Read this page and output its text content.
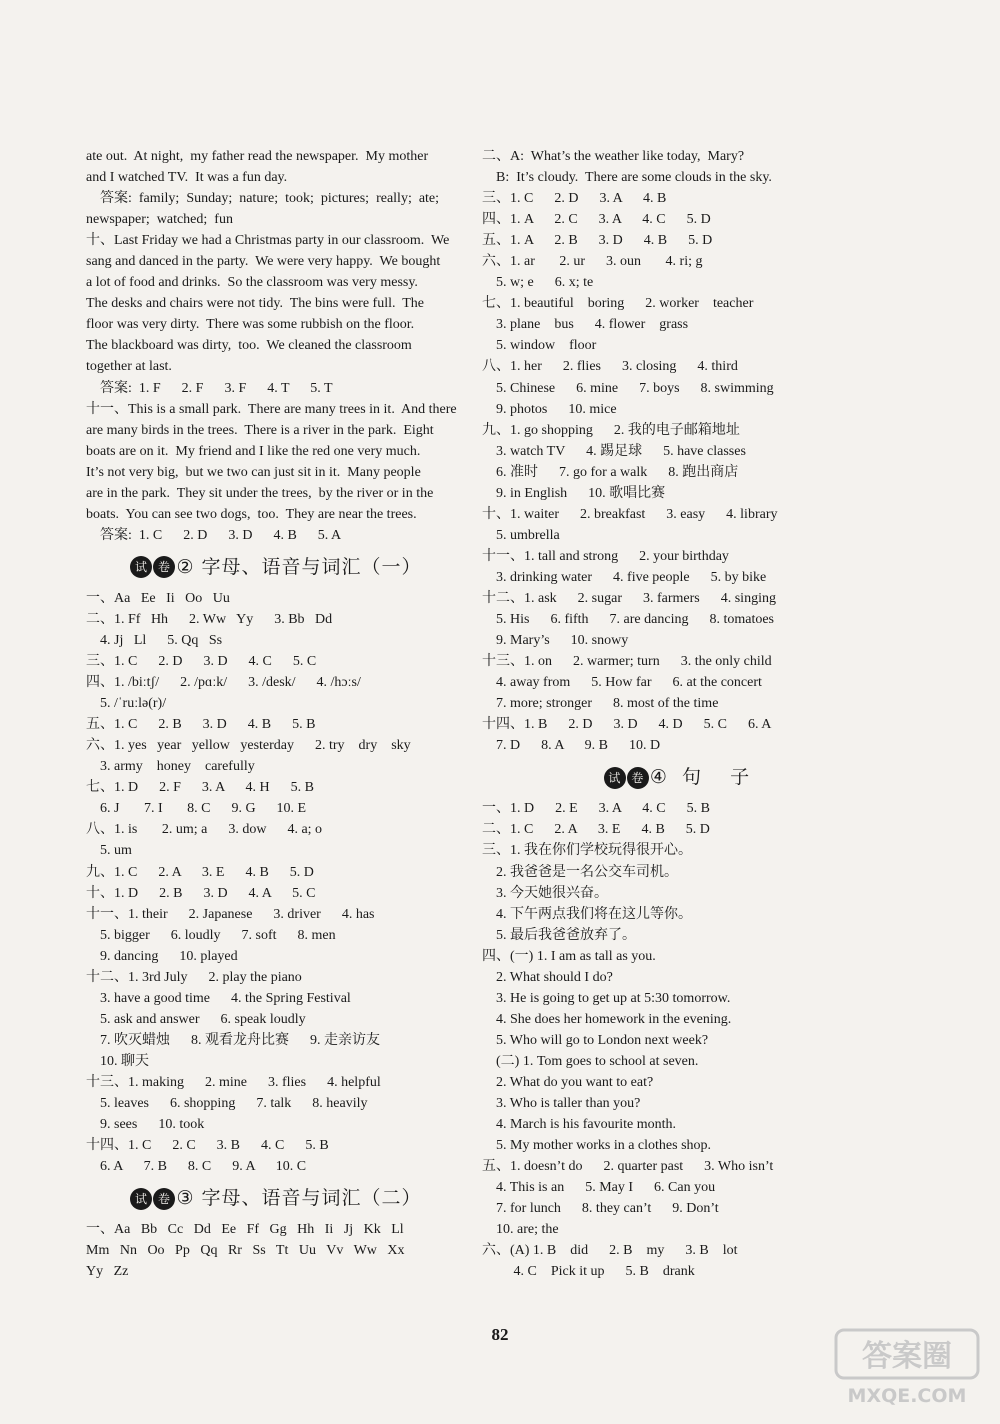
ate out.  At night,  my father read the newspaper.  My mother
and I watched TV.  It was a fun day.
答案:  family;  Sunday;  nature;  took;  pictures;  really;  ate;
newspaper;  watched;  fun
十、Last Friday we had a Christmas party in our classroom.  We
sang and danced in the party.  We were very happy.  We bought
a lot of food and drinks.  So the classroom was very messy.
The desks and chairs were not tidy.  The bins were full.  The
floor was very dirty.  There was some rubbish on the floor.
The blackboard was dirty,  too.  We cleaned the classroom
together at last.
答案:  1. F      2. F      3. F      4. T      5. T
十一、This is a small park.  There are many trees in it.  And there
are many birds in the trees.  There is a river in the park.  Eight
boats are on it.  My friend and I like the red one very much.
It’s not very big,  but we two can just sit in it.  Many people
are in the park.  They sit under the trees,  by the river or in the
boats.  You can see two dogs,  too.  They are near the trees.
答案:  1. C      2. D      3. D      4. B      5. A
试 卷 ② 字母、语音与词汇（一）
一、Aa   Ee   Ii   Oo   Uu
二、1. Ff   Hh      2. Ww   Yy      3. Bb   Dd
4. Jj   Ll      5. Qq   Ss
三、1. C      2. D      3. D      4. C      5. C
四、1. /biːtʃ/      2. /pɑːk/      3. /desk/      4. /hɔːs/
5. /ˈruːlə(r)/
五、1. C      2. B      3. D      4. B      5. B
六、1. yes   year   yellow   yesterday      2. try    dry    sky
3. army    honey    carefully
七、1. D      2. F      3. A      4. H      5. B
6. J       7. I       8. C      9. G      10. E
八、1. is       2. um; a      3. dow      4. a; o
5. um
九、1. C      2. A      3. E      4. B      5. D
十、1. D      2. B      3. D      4. A      5. C
十一、1. their      2. Japanese      3. driver      4. has
5. bigger      6. loudly      7. soft      8. men
9. dancing      10. played
十二、1. 3rd July      2. play the piano
3. have a good time      4. the Spring Festival
5. ask and answer      6. speak loudly
7. 吹灭蜡烛      8. 观看龙舟比赛      9. 走亲访友
10. 聊天
十三、1. making      2. mine      3. flies      4. helpful
5. leaves      6. shopping      7. talk      8. heavily
9. sees      10. took
十四、1. C      2. C      3. B      4. C      5. B
6. A      7. B      8. C      9. A      10. C
试 卷 ③ 字母、语音与词汇（二）
一、Aa   Bb   Cc   Dd   Ee   Ff   Gg   Hh   Ii   Jj   Kk   Ll
Mm   Nn   Oo   Pp   Qq   Rr   Ss   Tt   Uu   Vv   Ww   Xx
Yy   Zz
二、A:  What’s the weather like today,  Mary?
B:  It’s cloudy.  There are some clouds in the sky.
三、1. C      2. D      3. A      4. B
四、1. A      2. C      3. A      4. C      5. D
五、1. A      2. B      3. D      4. B      5. D
六、1. ar       2. ur      3. oun       4. ri; g
5. w; e      6. x; te
七、1. beautiful    boring      2. worker    teacher
3. plane    bus      4. flower    grass
5. window    floor
八、1. her      2. flies      3. closing      4. third
5. Chinese      6. mine      7. boys      8. swimming
9. photos      10. mice
九、1. go shopping      2. 我的电子邮箱地址
3. watch TV      4. 踢足球      5. have classes
6. 准时      7. go for a walk      8. 跑出商店
9. in English      10. 歌唱比赛
十、1. waiter      2. breakfast      3. easy      4. library
5. umbrella
十一、1. tall and strong      2. your birthday
3. drinking water      4. five people      5. by bike
十二、1. ask      2. sugar      3. farmers      4. singing
5. His      6. fifth      7. are dancing      8. tomatoes
9. Mary’s      10. snowy
十三、1. on      2. warmer; turn      3. the only child
4. away from      5. How far      6. at the concert
7. more; stronger      8. most of the time
十四、1. B      2. D      3. D      4. D      5. C      6. A
7. D      8. A      9. B      10. D
试 卷 ④  句    子
一、1. D      2. E      3. A      4. C      5. B
二、1. C      2. A      3. E      4. B      5. D
三、1. 我在你们学校玩得很开心。
2. 我爸爸是一名公交车司机。
3. 今天她很兴奋。
4. 下午两点我们将在这儿等你。
5. 最后我爸爸放弃了。
四、(一) 1. I am as tall as you.
2. What should I do?
3. He is going to get up at 5:30 tomorrow.
4. She does her homework in the evening.
5. Who will go to London next week?
(二) 1. Tom goes to school at seven.
2. What do you want to eat?
3. Who is taller than you?
4. March is his favourite month.
5. My mother works in a clothes shop.
五、1. doesn’t do      2. quarter past      3. Who isn’t
4. This is an      5. May I      6. Can you
7. for lunch      8. they can’t      9. Don’t
10. are; the
六、(A) 1. B    did      2. B    my      3. B    lot
4. C    Pick it up      5. B    drank
82
答案圈
MXQE.COM
